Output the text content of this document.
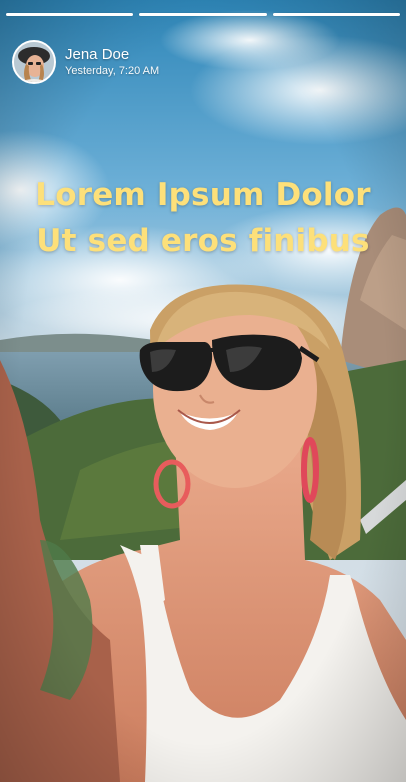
Jena Doe
Yesterday, 7:20 AM
Lorem Ipsum Dolor
Ut sed eros finibus
